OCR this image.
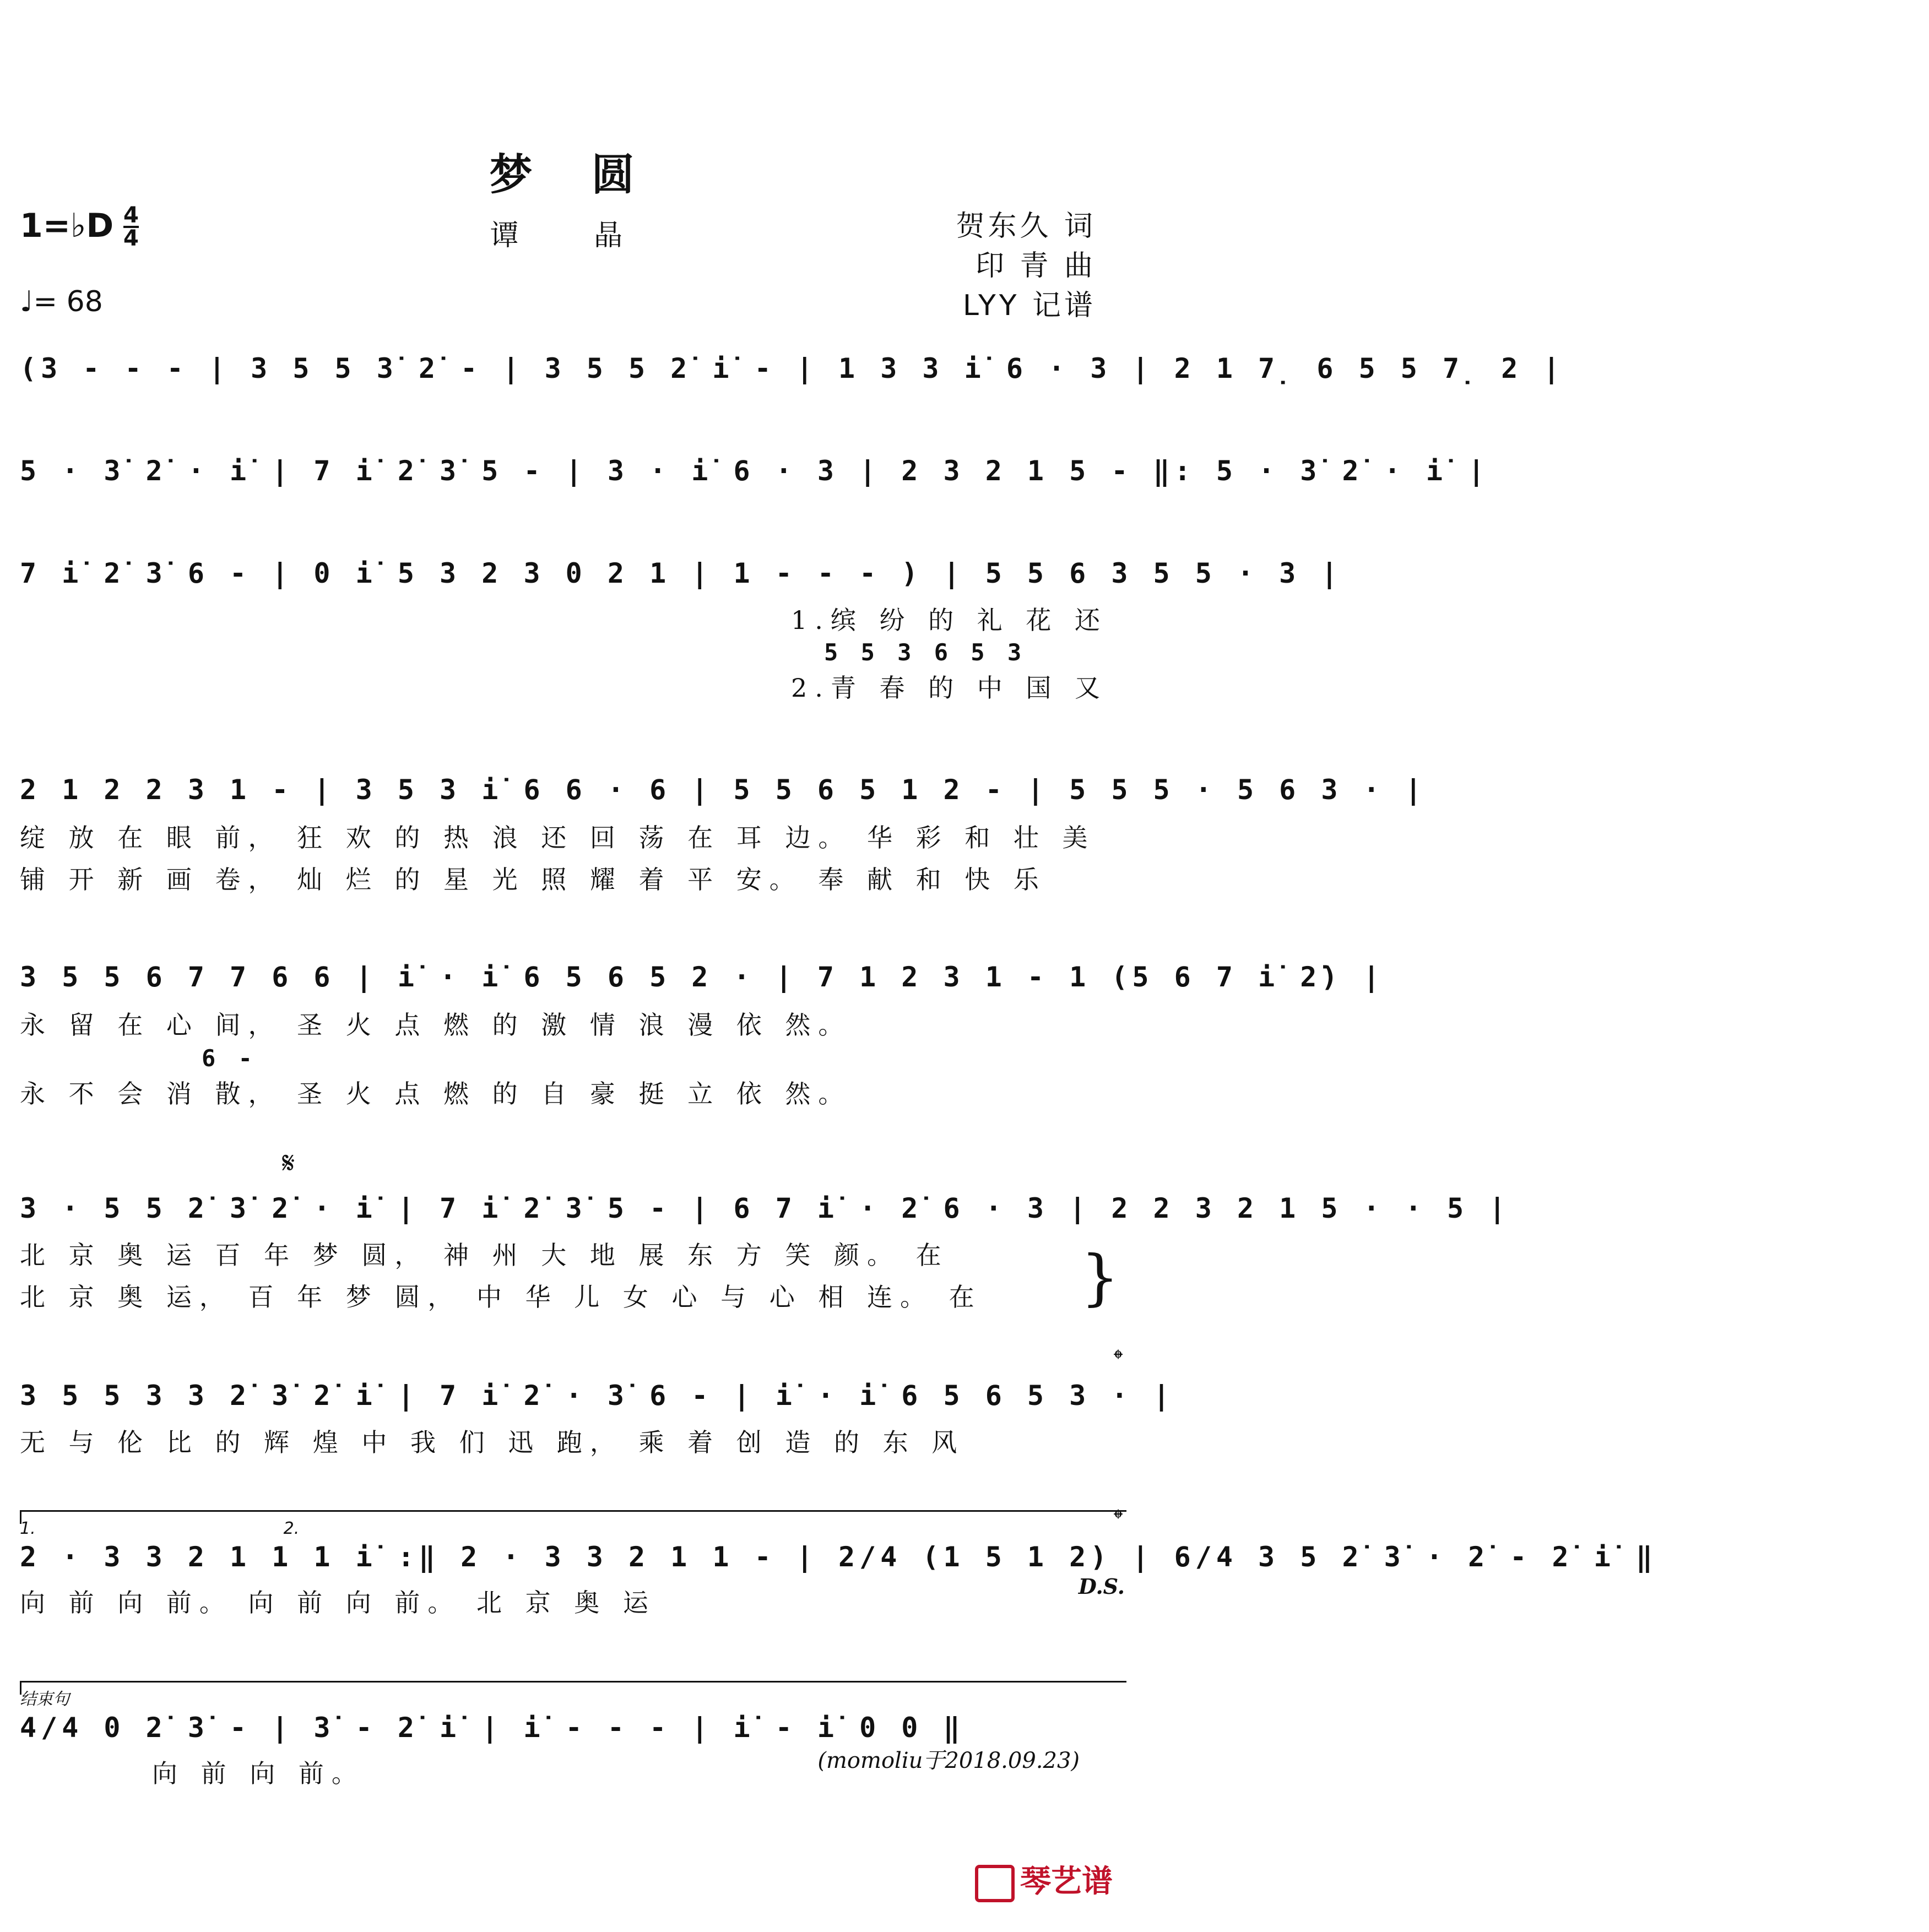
梦 圆
谭 晶
1=♭D 4
4
♩= 68
贺东久 词
印 青 曲
LYY 记谱
(3 - - - | 3 5 5 3̇ 2̇ - | 3 5 5 2̇ i̇ - | 1 3 3 i̇ 6 · 3 | 2 1 7̣ 6 5 5 7̣ 2 |
5 · 3̇ 2̇ · i̇ | 7 i̇ 2̇ 3̇ 5 - | 3 · i̇ 6 · 3 | 2 3 2 1 5 - ‖: 5 · 3̇ 2̇ · i̇ |
7 i̇ 2̇ 3̇ 6 - | 0 i̇ 5 3 2 3 0 2 1 | 1 - - - ) | 5 5 6 3 5 5 · 3 |
1.缤 纷 的 礼 花 还
5 5 3 6 5 3
2.青 春 的 中 国 又
2 1 2 2 3 1 - | 3 5 3 i̇ 6 6 · 6 | 5 5 6 5 1 2 - | 5 5 5 · 5 6 3 · |
绽 放 在 眼 前， 狂 欢 的 热 浪 还 回 荡 在 耳 边。 华 彩 和 壮 美
铺 开 新 画 卷， 灿 烂 的 星 光 照 耀 着 平 安。 奉 献 和 快 乐
3 5 5 6 7 7 6 6 | i̇ · i̇ 6 5 6 5 2 · | 7 1 2 3 1 - 1 (5 6 7 i̇ 2̇) |
永 留 在 心 间， 圣 火 点 燃 的 激 情 浪 漫 依 然。
6 -
永 不 会 消 散， 圣 火 点 燃 的 自 豪 挺 立 依 然。
3 · 5 5 2̇ 3̇ 2̇ · i̇ | 7 i̇ 2̇ 3̇ 5 - | 6 7 i̇ · 2̇ 6 · 3 | 2 2 3 2 1 5 · · 5 |
北 京 奥 运 百 年 梦 圆， 神 州 大 地 展 东 方 笑 颜。 在
北 京 奥 运， 百 年 梦 圆， 中 华 儿 女 心 与 心 相 连。 在
3 5 5 3 3 2̇ 3̇ 2̇ i̇ | 7 i̇ 2̇ · 3̇ 6 - | i̇ · i̇ 6 5 6 5 3 · |
无 与 伦 比 的 辉 煌 中 我 们 迅 跑， 乘 着 创 造 的 东 风
1.　　　　　　　　　　　　　　　2.
2 · 3 3 2 1 1 1 i̇ :‖ 2 · 3 3 2 1 1 - | 2/4 (1 5 1 2) | 6/4 3 5 2̇ 3̇ · 2̇ - 2̇ i̇ ‖
向 前 向 前。 向 前 向 前。 北 京 奥 运
结束句
4/4 0 2̇ 3̇ - | 3̇ - 2̇ i̇ | i̇ - - - | i̇ - i̇ 0 0 ‖
向 前 向 前。
𝄋
𝄌
𝄌
}
D.S.
(momoliu于2018.09.23)
琴艺谱
